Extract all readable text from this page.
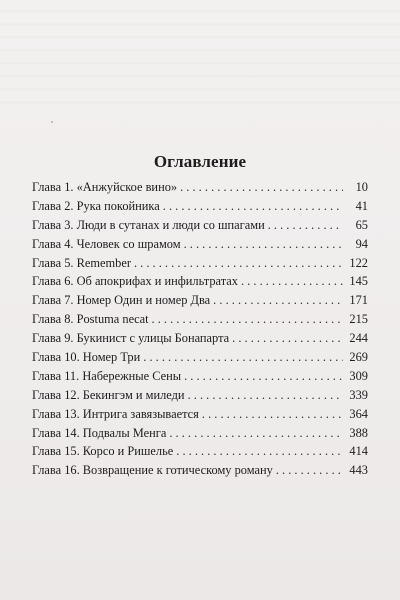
Оглавление
Глава 1. «Анжуйское вино» . . .	10
Глава 2. Рука покойника . . .	41
Глава 3. Люди в сутанах и люди со шпагами . . .	65
Глава 4. Человек со шрамом . . .	94
Глава 5. Remember . . .	122
Глава 6. Об апокрифах и инфильтратах . . .	145
Глава 7. Номер Один и номер Два . . .	171
Глава 8. Postuma necat . . .	215
Глава 9. Букинист с улицы Бонапарта . . .	244
Глава 10. Номер Три . . .	269
Глава 11. Набережные Сены . . .	309
Глава 12. Бекингэм и миледи . . .	339
Глава 13. Интрига завязывается . . .	364
Глава 14. Подвалы Менга . . .	388
Глава 15. Корсо и Ришелье . . .	414
Глава 16. Возвращение к готическому роману . . .	443
